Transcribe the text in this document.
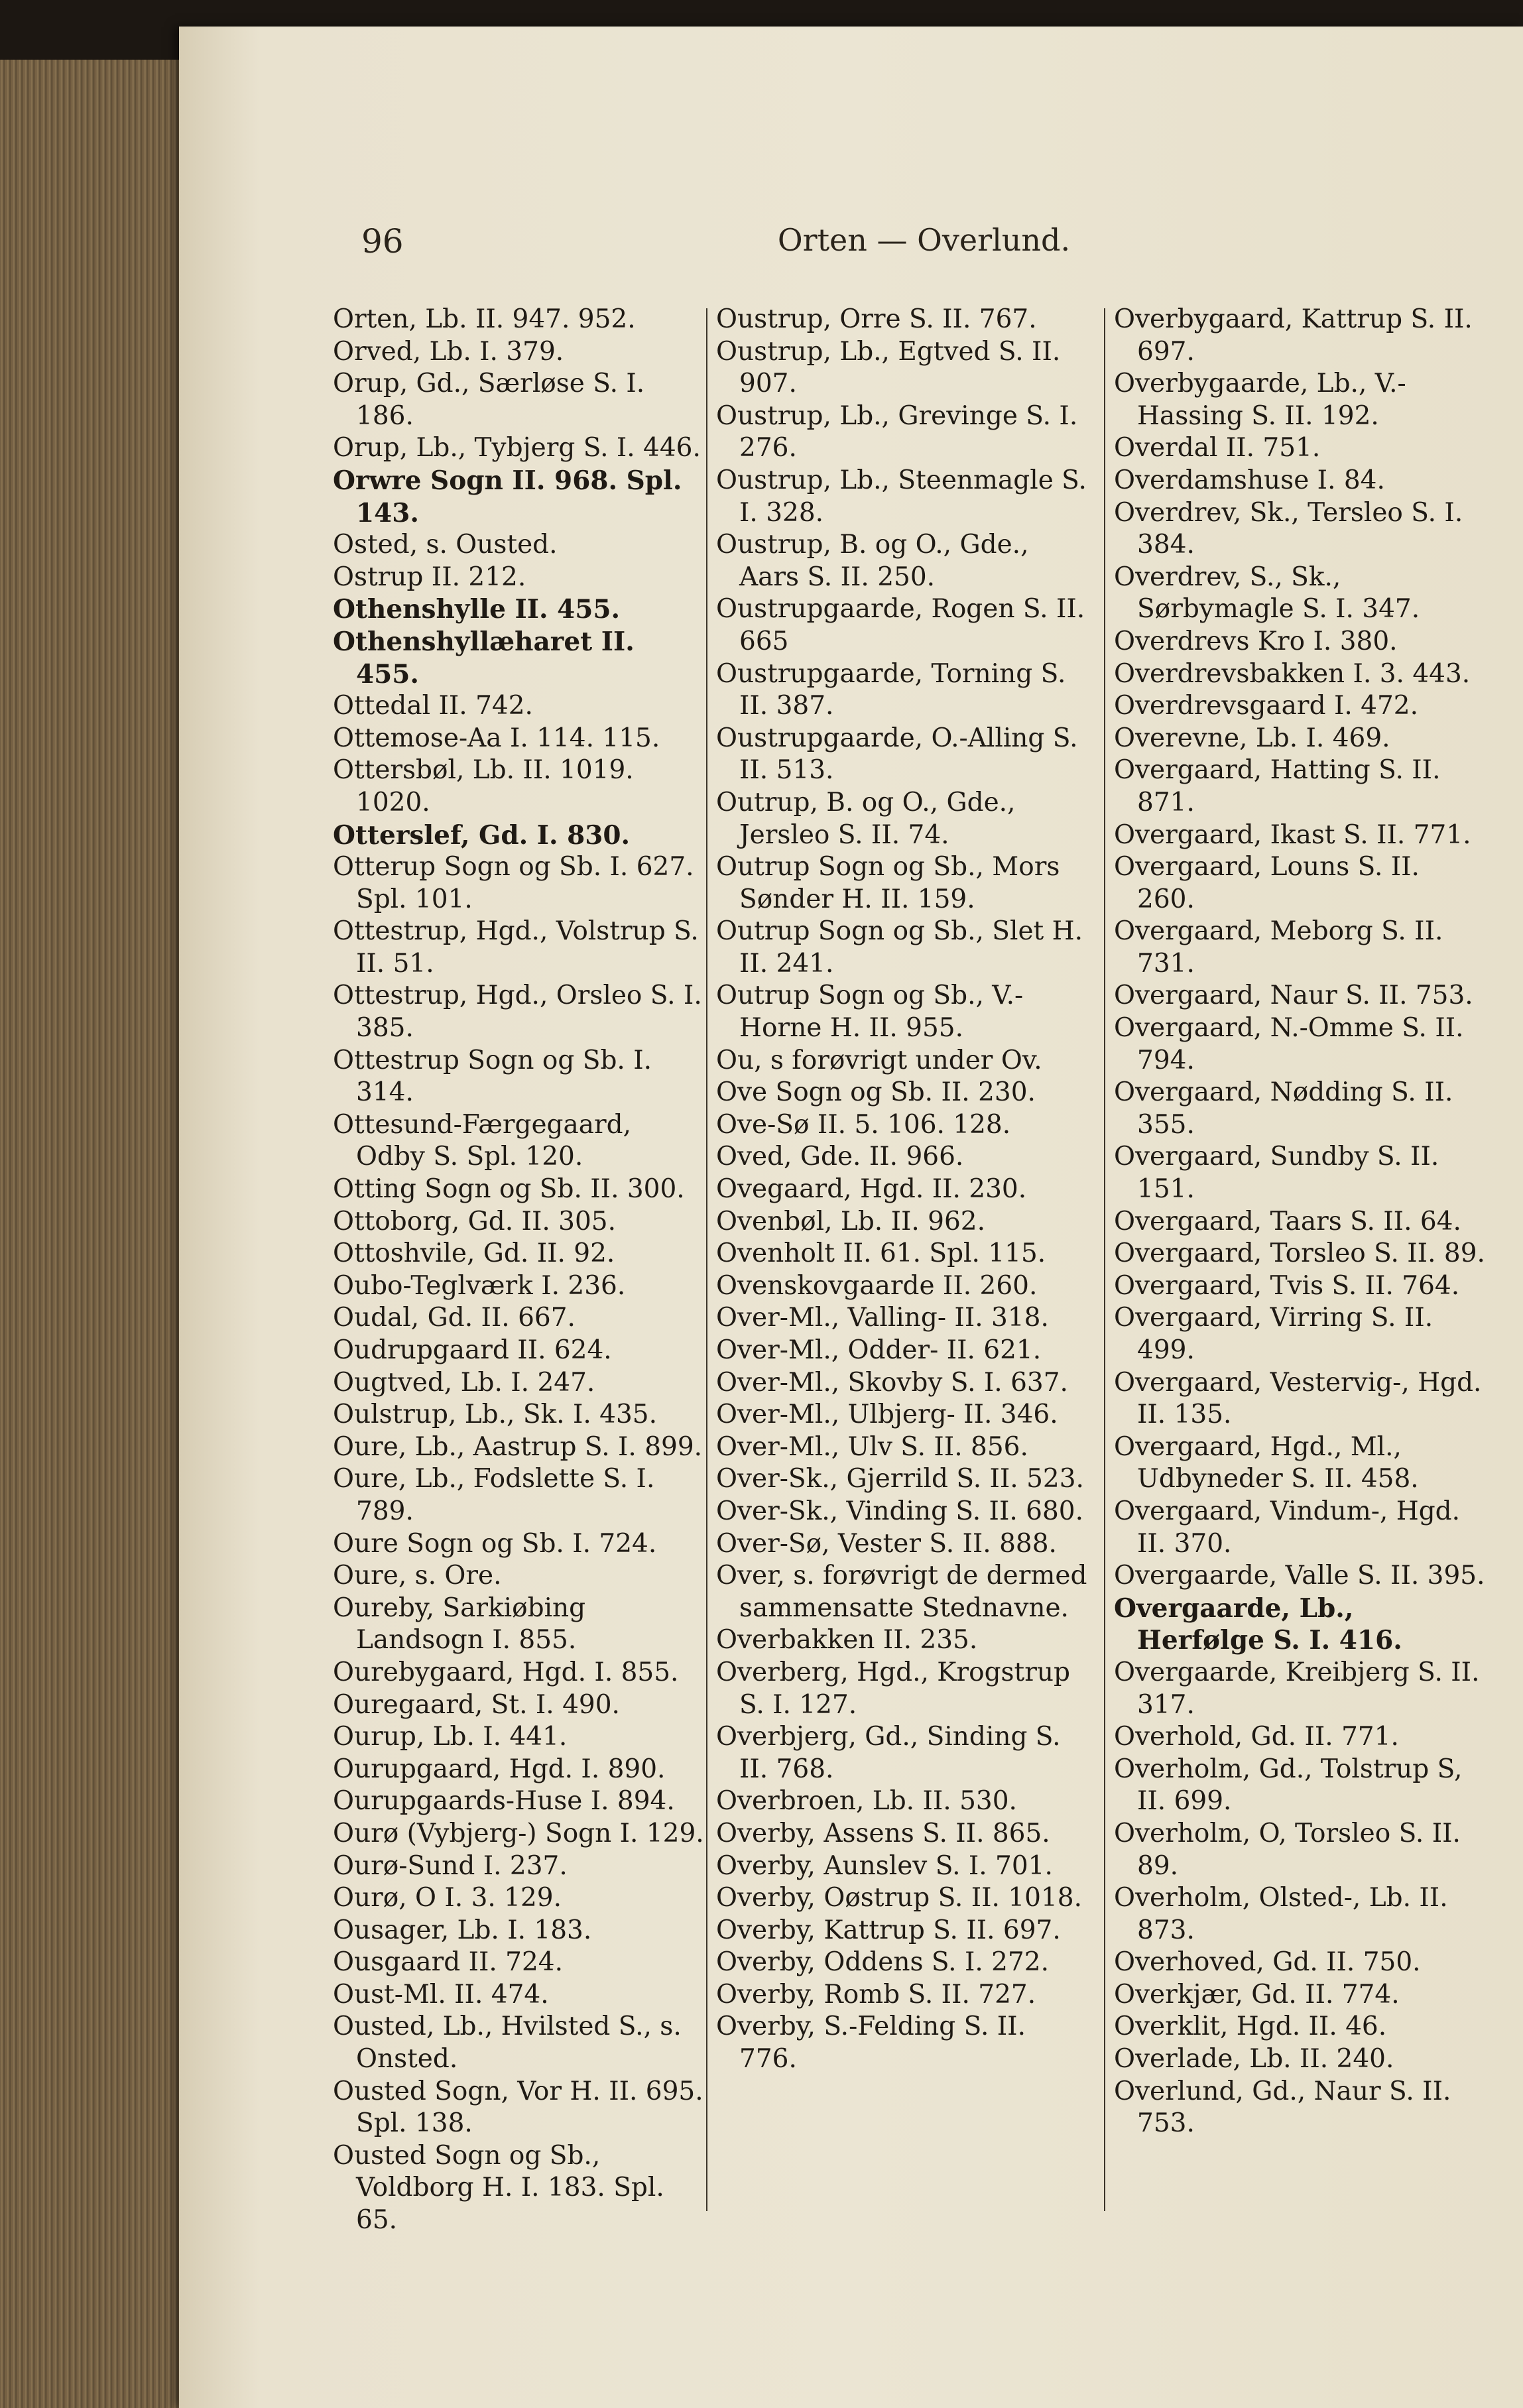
96	Orten — Overlund.

Orten, Lb. II. 947. 952.

Orved, Lb. I. 379.

Orup, Gd., Særløse S. I. 186.

Orup, Lb., Tybjerg S. I. 446.

Orwre Sogn II. 968. Spl. 143.

Osted, s. Ousted.

Ostrup II. 212.

Othenshylle II. 455.

Othenshyllæharet II. 455.

Ottedal II. 742.

Ottemose-Aa I. 114. 115.

Ottersbøl, Lb. II. 1019. 1020.

Otterslef, Gd. I. 830.

Otterup Sogn og Sb. I. 627. Spl. 101.

Ottestrup, Hgd., Volstrup S. II. 51.

Ottestrup, Hgd., Orsleo S. I. 385.

Ottestrup Sogn og Sb. I. 314.

Ottesund-Færgegaard, Odby S. Spl. 120.

Otting Sogn og Sb. II. 300.

Ottoborg, Gd. II. 305.

Ottoshvile, Gd. II. 92.

Oubo-Teglværk I. 236.

Oudal, Gd. II. 667.

Oudrupgaard II. 624.

Ougtved, Lb. I. 247.

Oulstrup, Lb., Sk. I. 435.

Oure, Lb., Aastrup S. I. 899.

Oure, Lb., Fodslette S. I. 789.

Oure Sogn og Sb. I. 724.

Oure, s. Ore.

Oureby, Sarkiøbing Landsogn I. 855.

Ourebygaard, Hgd. I. 855.

Ouregaard, St. I. 490.

Ourup, Lb. I. 441.

Ourupgaard, Hgd. I. 890.

Ourupgaards-Huse I. 894.

Ourø (Vybjerg-) Sogn I. 129.

Ourø-Sund I. 237.

Ourø, O I. 3. 129.

Ousager, Lb. I. 183.

Ousgaard II. 724.

Oust-Ml. II. 474.

Ousted, Lb., Hvilsted S., s. Onsted.

Ousted Sogn, Vor H. II. 695. Spl. 138.

Ousted Sogn og Sb., Voldborg H. I. 183. Spl. 65.

Oustrup, Orre S. II. 767.

Oustrup, Lb., Egtved S. II. 907.

Oustrup, Lb., Grevinge S. I. 276.

Oustrup, Lb., Steenmagle S. I. 328.

Oustrup, B. og O., Gde., Aars S. II. 250.

Oustrupgaarde, Rogen S. II. 665

Oustrupgaarde, Torning S. II. 387.

Oustrupgaarde, O.-Alling S. II. 513.

Outrup, B. og O., Gde., Jersleo S. II. 74.

Outrup Sogn og Sb., Mors Sønder H. II. 159.

Outrup Sogn og Sb., Slet H. II. 241.

Outrup Sogn og Sb., V.-Horne H. II. 955.

Ou, s forøvrigt under Ov.

Ove Sogn og Sb. II. 230.

Ove-Sø II. 5. 106. 128.

Oved, Gde. II. 966.

Ovegaard, Hgd. II. 230.

Ovenbøl, Lb. II. 962.

Ovenholt II. 61. Spl. 115.

Ovenskovgaarde II. 260.

Over-Ml., Valling- II. 318.

Over-Ml., Odder- II. 621.

Over-Ml., Skovby S. I. 637.

Over-Ml., Ulbjerg- II. 346.

Over-Ml., Ulv S. II. 856.

Over-Sk., Gjerrild S. II. 523.

Over-Sk., Vinding S. II. 680.

Over-Sø, Vester S. II. 888.

Over, s. forøvrigt de dermed sammensatte Stednavne.

Overbakken II. 235.

Overberg, Hgd., Krogstrup S. I. 127.

Overbjerg, Gd., Sinding S. II. 768.

Overbroen, Lb. II. 530.

Overby, Assens S. II. 865.

Overby, Aunslev S. I. 701.

Overby, Oøstrup S. II. 1018.

Overby, Kattrup S. II. 697.

Overby, Oddens S. I. 272.

Overby, Romb S. II. 727.

Overby, S.-Felding S. II. 776.

Overbygaard, Kattrup S. II. 697.

Overbygaarde, Lb., V.-Hassing S. II. 192.

Overdal II. 751.

Overdamshuse I. 84.

Overdrev, Sk., Tersleo S. I. 384.

Overdrev, S., Sk., Sørbymagle S. I. 347.

Overdrevs Kro I. 380.

Overdrevsbakken I. 3. 443.

Overdrevsgaard I. 472.

Overevne, Lb. I. 469.

Overgaard, Hatting S. II. 871.

Overgaard, Ikast S. II. 771.

Overgaard, Louns S. II. 260.

Overgaard, Meborg S. II. 731.

Overgaard, Naur S. II. 753.

Overgaard, N.-Omme S. II. 794.

Overgaard, Nødding S. II. 355.

Overgaard, Sundby S. II. 151.

Overgaard, Taars S. II. 64.

Overgaard, Torsleo S. II. 89.

Overgaard, Tvis S. II. 764.

Overgaard, Virring S. II. 499.

Overgaard, Vestervig-, Hgd. II. 135.

Overgaard, Hgd., Ml., Udbyneder S. II. 458.

Overgaard, Vindum-, Hgd. II. 370.

Overgaarde, Valle S. II. 395.

Overgaarde, Lb., Herfølge S. I. 416.

Overgaarde, Kreibjerg S. II. 317.

Overhold, Gd. II. 771.

Overholm, Gd., Tolstrup S, II. 699.

Overholm, O, Torsleo S. II. 89.

Overholm, Olsted-, Lb. II. 873.

Overhoved, Gd. II. 750.

Overkjær, Gd. II. 774.

Overklit, Hgd. II. 46.

Overlade, Lb. II. 240.

Overlund, Gd., Naur S. II. 753.
